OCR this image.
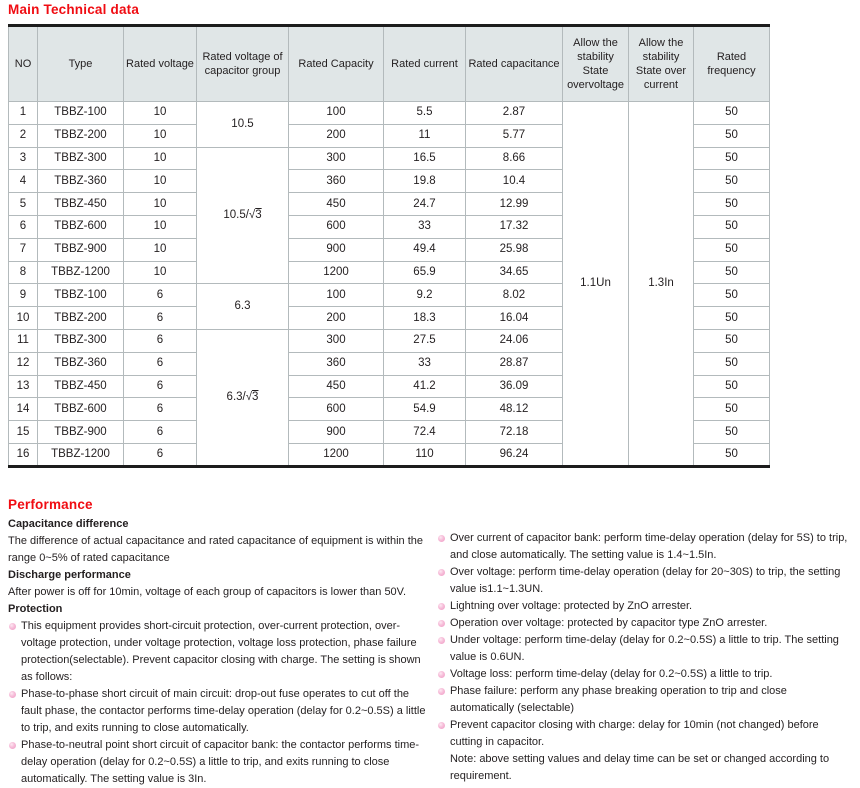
Main Technical data
NO	Type	Rated voltage	Rated voltage of capacitor group	Rated Capacity	Rated current	Rated capacitance	Allow the stability State overvoltage	Allow the stability State over current	Rated frequency
1	TBBZ-100	10	10.5	100	5.5	2.87	1.1Un	1.3In	50
2	TBBZ-200	10		200	11	5.77			50
3	TBBZ-300	10	10.5/√3	300	16.5	8.66			50
4	TBBZ-360	10		360	19.8	10.4			50
5	TBBZ-450	10		450	24.7	12.99			50
6	TBBZ-600	10		600	33	17.32			50
7	TBBZ-900	10		900	49.4	25.98			50
8	TBBZ-1200	10		1200	65.9	34.65			50
9	TBBZ-100	6	6.3	100	9.2	8.02			50
10	TBBZ-200	6		200	18.3	16.04			50
11	TBBZ-300	6	6.3/√3	300	27.5	24.06			50
12	TBBZ-360	6		360	33	28.87			50
13	TBBZ-450	6		450	41.2	36.09			50
14	TBBZ-600	6		600	54.9	48.12			50
15	TBBZ-900	6		900	72.4	72.18			50
16	TBBZ-1200	6		1200	110	96.24			50
Performance
Capacitance difference

The difference of actual capacitance and rated capacitance of equipment is within the range 0~5% of rated capacitance

Discharge performance

After power is off for 10min, voltage of each group of capacitors is lower than 50V.

Protection
This equipment provides short-circuit protection, over-current protection, over-voltage protection, under voltage protection, voltage loss protection, phase failure protection(selectable). Prevent capacitor closing with charge. The setting is shown as follows:
Phase-to-phase short circuit of main circuit: drop-out fuse operates to cut off the fault phase, the contactor performs time-delay operation (delay for 0.2~0.5S) a little to trip, and exits running to close automatically.
Phase-to-neutral point short circuit of capacitor bank: the contactor performs time-delay operation (delay for 0.2~0.5S) a little to trip, and exits running to close automatically. The setting value is 3In.
Over current of capacitor bank: perform time-delay operation (delay for 5S) to trip, and close automatically. The setting value is 1.4~1.5In.
Over voltage: perform time-delay operation (delay for 20~30S) to trip, the setting value is1.1~1.3UN.
Lightning over voltage: protected by ZnO arrester.
Operation over voltage: protected by capacitor type ZnO arrester.
Under voltage: perform time-delay (delay for 0.2~0.5S) a little to trip. The setting value is 0.6UN.
Voltage loss: perform time-delay (delay for 0.2~0.5S) a little to trip.
Phase failure: perform any phase breaking operation to trip and close automatically (selectable)
Prevent capacitor closing with charge: delay for 10min (not changed) before cutting in capacitor.

Note: above setting values and delay time can be set or changed according to requirement.
